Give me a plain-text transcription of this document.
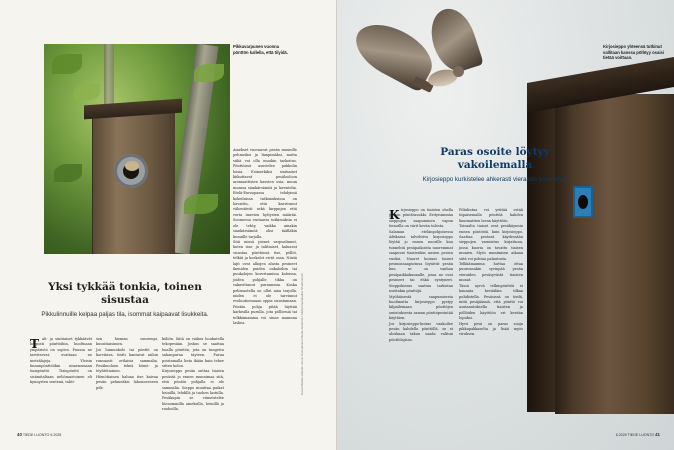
Pikkuvarpunen vuonna pönttön kallella, että tilyidä.
Yksi tykkää tonkia, toinen sisustaa
Pikkulinnuille kelpaa paljas tila, isommat kaipaavat lisukkeita.
T ali- ja sinitiaiset tykkäävät helposti pönttöihin, kuoltuaan ympäristö on sopiva. Puussa ne tarvitsevat, ovattaan ne metsälajeja. Yleisin linnunpönttöökin nimenomaan tiaispönttö. Tiaispönttö on sisämitaltaan neliömuotoinen eli kynnysten sentenä, taliti-
sen hieman suurempi, kuusitiaisimen.
Jos lunnunkolo tai pönttö on korvitava, tintti kantavat niihin runsaasti erilaisia sammalia. Pesäkuoluen tekeä hömö- ja töyhtötiainen.
Hömötiainen haluaa itse kaivaa pesän pehmeäksi lahonneeseen pök-
köliön. Siitä on vaikea houkutella tekopesään. Joskus se saattaa hualla pönttön, jota on tungettu sahanpurua täyteen. Purua poistamalla linta ikään kuin tekee sitten kolon.
Kirjosieppo pesän onttaa tiaisen pesästä jo ennen muunimaa sitä, että pöntön pohjalla ei ole sammalia. Sieppo muuttaa paikat heinillä, lehdillä ja tuohen lastulla. Pesäkupin se viimeistelee hienommilla aineksilla, heinillä ja ruohoilla.
Ainekset vuoraavat pesän muunille pehmeiksi ja lämpimäksi, mutta siihä voi olla muukin tarkoitus. Pönttöissä asustelee pukkolin loisia. Esimerkiksi sinitiaiset kiikuttavat pesälooloon aromaattisten kasvien osia, muun muassa siankärsämöä ja laventelia. Etelä-Euroopassa tehdyissä kokeiluissa tutkimuksissa on havaittu, että kasvitunut vähentävät sekä kirppujen että verta imevien hyttysten määrää. Suomessa vastaavia tutkimuksia ei ole tehty, vaikka ainakin siankärsämöä olisi täälläkin linnuille tarjolla.
Sitä missä pienet varpuslinnut, kuten sini- ja talitiaiset, haluavat sisustaa pönttönsä itse, pöllöt, telkät ja koskelot eivät osaa. Niistä lajit ovat alkojen alusta pesineet ikeniden puiden onkaloihin tai puukolojen kovertamissa koloissa, joiden pohjalle tikka on vakavittanut puruunmia. Koska pelimuotella on ollut aina tarjolla, niiden ei ole tarvinnut evoluutioinuaan oppia sisustamaan. Pöntön pohja pitää täyttää karkealla purulla, jota pöllöeniä tai telkkämamma voi sinne mamuna laskea.	Kuvat Markku Alatalo/ Jarmo Komulainen/ Marko Alahuhta / Aleksi Rautakallio/ Shutterstock
40 TIEDE LUONTO 6.2025
Kirjosieppo yhteensä tutkinut vallitaan kanssa pöllöyy osaisi tietää voittaan.
Paras osoite löytyy vakoilemalla
Kirjosieppo kurkistelee ahkerasti vieraisiin pönttöihin.
K irjosieppo on tiaisten ohella yleisin pönttöasukki. Erityisimmän sieppojen saapuminen vapun tienoilla on värit kevän tulosta.
Salaman etelänpohjoisessa Afrikassa talvehtiva kirjosieppo löytää jo ennen nuorille kuu tunnehtii pesäpaikoista nuoremmat saapuvat tiaistenkin uusien pesien vuoksi. Nuoret koiraat tiaiset pesimisnaapurinsa löytävät pesän kun se on vanhan pesäpaikkakunnalle, jossa ne ovat pesineet tai ehkä syntyneet. Sieppokoiras saattaa tarkistaa useitakin pönttöjä.
Myöhäisestä saapumisesta huolimatta kirjosieppo pystyy kilpailemaan pönttöjen omistuksesta saman pönttöpesintää käyttäen.
Jos kirjosieppo-koiras vaakoilee pesän kahdella pönttöllä, se ei uloskaan takuu saada valitun pönttölajissa.
Piltalintua voi yrittää estää tiipaisemalla pönttöä kahden limemattien lavan käyttöön.
Toisaalta tiaiset ovat pesäkäynnin ennen pöntöstä, kuin kirjosieppo. Saattaa pesässä käydessään sieppojen varmistus kirjattuna, jossa kuoria on tavattu tiaisen munien. Myös munimisen aikaan siitä voi pohtaa palautusta.
Telkkämamma huttaa ottaa puurunsakin syvinpää pesän vieraiden pesäsyvästä tiaisten munat.
Tässä nyrvä telkinpönttöä ei kannata kevääläin tilkaa puhdistella. Pesäsissä on tiedä, mitä pesäjäämiä, että pönttö voi asutanutuksella tiaisten ja pöllöiden käyttöön eri kevään lopuksi.
Hyvä pesä on paras suoja pikkupakkaselta ja lisää myös viruksen.
6.2025 TIEDE LUONTO 41
